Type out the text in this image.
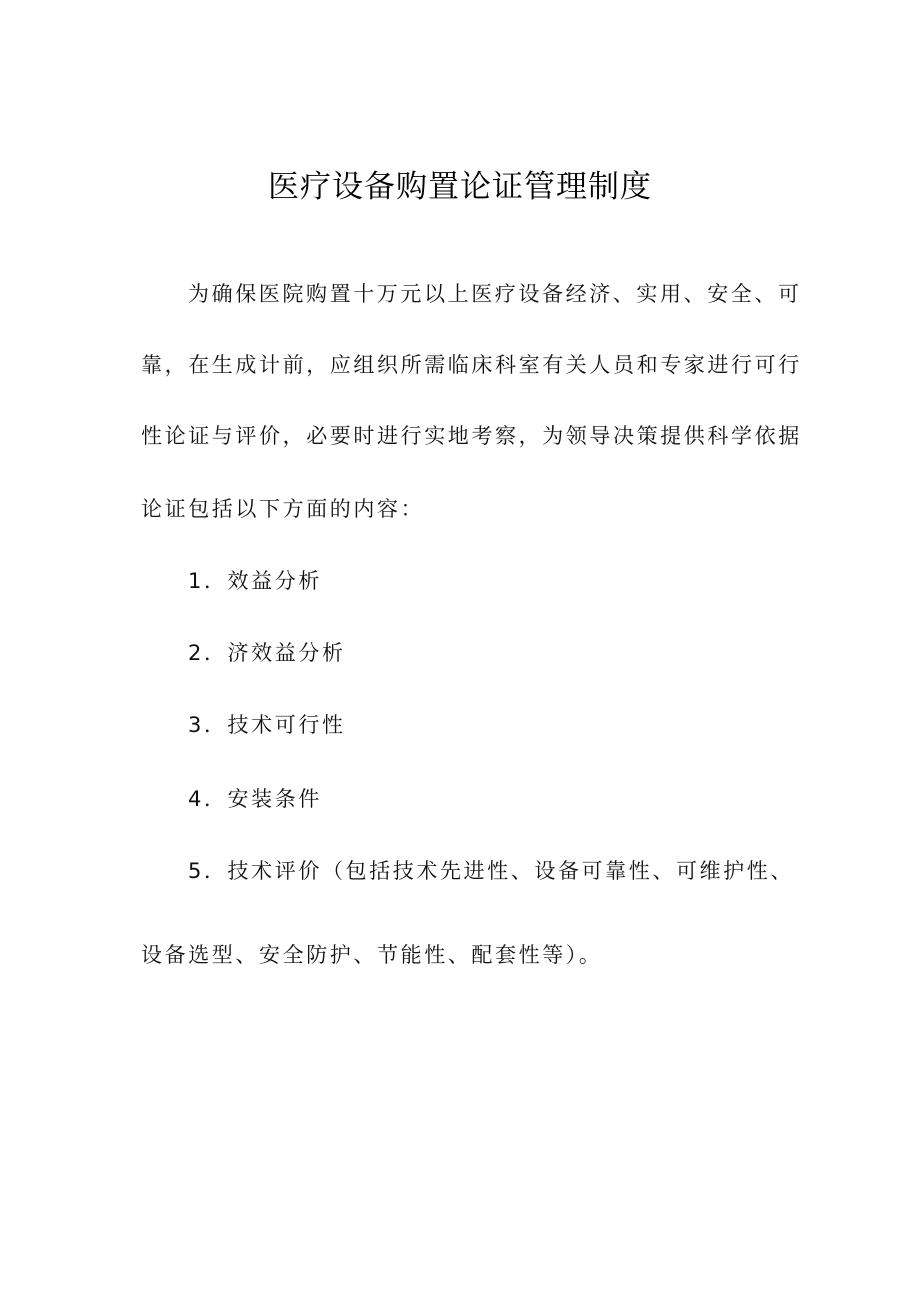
医疗设备购置论证管理制度
为确保医院购置十万元以上医疗设备经济、实用、安全、可
靠，在生成计前，应组织所需临床科室有关人员和专家进行可行
性论证与评价，必要时进行实地考察，为领导决策提供科学依据
论证包括以下方面的内容：
1．效益分析
2．济效益分析
3．技术可行性
4．安装条件
5．技术评价（包括技术先进性、设备可靠性、可维护性、
设备选型、安全防护、节能性、配套性等）。
